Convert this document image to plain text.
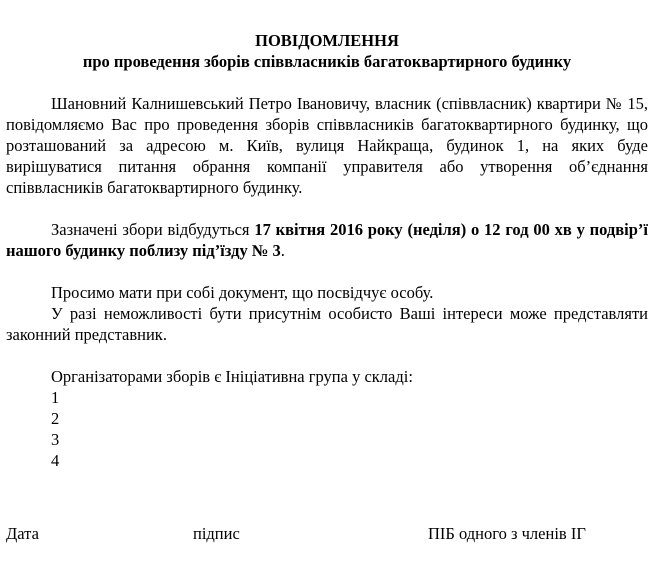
ПОВІДОМЛЕННЯ

про проведення зборів співвласників багатоквартирного будинку

Шановний Калнишевський Петро Івановичу, власник (співвласник) квартири № 15, повідомляємо Вас про проведення зборів співвласників багатоквартирного будинку, що розташований за адресою м. Київ, вулиця Найкраща, будинок 1, на яких буде вирішуватися питання обрання компанії управителя або утворення об’єднання співвласників багатоквартирного будинку.

Зазначені збори відбудуться 17 квітня 2016 року (неділя) о 12 год 00 хв у подвір’ї нашого будинку поблизу під’їзду № 3.

Просимо мати при собі документ, що посвідчує особу.

У разі неможливості бути присутнім особисто Ваші інтереси може представляти законний представник.

Організаторами зборів є Ініціативна група у складі:

1
2
3
4
Дата	підпис	ПІБ одного з членів ІГ
